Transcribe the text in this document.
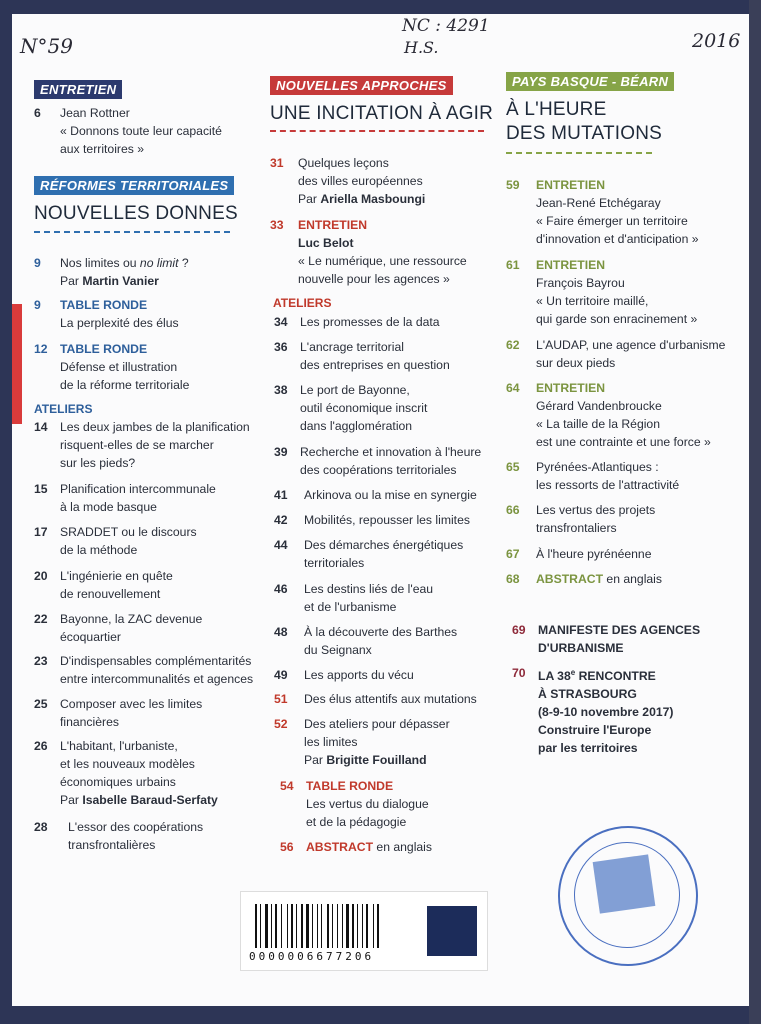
N°59
NC : 4291
H.S.	2016
ENTRETIEN
6 Jean Rottner
« Donnons toute leur capacité
aux territoires »
RÉFORMES TERRITORIALES
NOUVELLES DONNES
9 Nos limites ou no limit ?
Par Martin Vanier
9 TABLE RONDE
La perplexité des élus
12 TABLE RONDE
Défense et illustration
de la réforme territoriale
ATELIERS
14 Les deux jambes de la planification
risquent-elles de se marcher
sur les pieds?
15 Planification intercommunale
à la mode basque
17 SRADDET ou le discours
de la méthode
20 L'ingénierie en quête
de renouvellement
22 Bayonne, la ZAC devenue
écoquartier
23 D'indispensables complémentarités
entre intercommunalités et agences
25 Composer avec les limites
financières
26 L'habitant, l'urbaniste,
et les nouveaux modèles
économiques urbains
Par Isabelle Baraud-Serfaty
28 L'essor des coopérations
transfrontalières
NOUVELLES APPROCHES
UNE INCITATION À AGIR
31 Quelques leçons
des villes européennes
Par Ariella Masboungi
33 ENTRETIEN
Luc Belot
« Le numérique, une ressource
nouvelle pour les agences »
ATELIERS
34 Les promesses de la data
36 L'ancrage territorial
des entreprises en question
38 Le port de Bayonne,
outil économique inscrit
dans l'agglomération
39 Recherche et innovation à l'heure
des coopérations territoriales
41 Arkinova ou la mise en synergie
42 Mobilités, repousser les limites
44 Des démarches énergétiques
territoriales
46 Les destins liés de l'eau
et de l'urbanisme
48 À la découverte des Barthes
du Seignanx
49 Les apports du vécu
51 Des élus attentifs aux mutations
52 Des ateliers pour dépasser
les limites
Par Brigitte Fouilland
54 TABLE RONDE
Les vertus du dialogue
et de la pédagogie
56 ABSTRACT en anglais
PAYS BASQUE - BÉARN
À L'HEURE
DES MUTATIONS
59 ENTRETIEN
Jean-René Etchégaray
« Faire émerger un territoire
d'innovation et d'anticipation »
61 ENTRETIEN
François Bayrou
« Un territoire maillé,
qui garde son enracinement »
62 L'AUDAP, une agence d'urbanisme
sur deux pieds
64 ENTRETIEN
Gérard Vandenbroucke
« La taille de la Région
est une contrainte et une force »
65 Pyrénées-Atlantiques :
les ressorts de l'attractivité
66 Les vertus des projets
transfrontaliers
67 À l'heure pyrénéenne
68 ABSTRACT en anglais
69 MANIFESTE DES AGENCES
D'URBANISME
70 LA 38e RENCONTRE
À STRASBOURG
(8-9-10 novembre 2017)
Construire l'Europe
par les territoires
0000006677206
